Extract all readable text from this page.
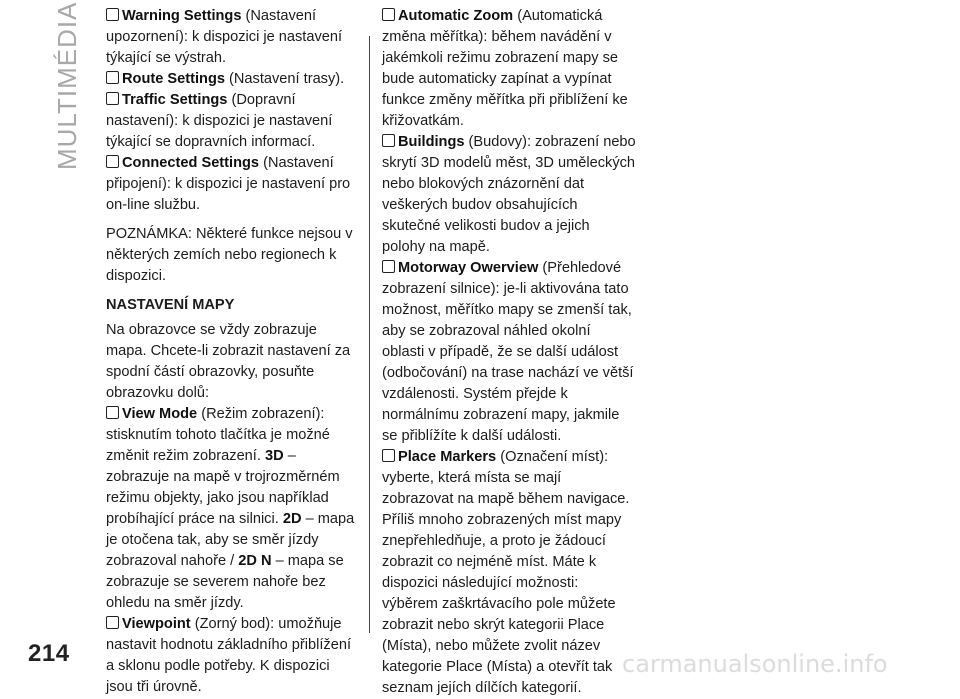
MULTIMÉDIA	Warning Settings (Nastavení upozornení): k dispozici je nastavení týkající se výstrah.

Route Settings (Nastavení trasy).

Traffic Settings (Dopravní nastavení): k dispozici je nastavení týkající se dopravních informací.

Connected Settings (Nastavení připojení): k dispozici je nastavení pro on-line službu.

POZNÁMKA: Některé funkce nejsou v některých zemích nebo regionech k dispozici.

NASTAVENÍ MAPY

Na obrazovce se vždy zobrazuje mapa. Chcete-li zobrazit nastavení za spodní částí obrazovky, posuňte obrazovku dolů:

View Mode (Režim zobrazení): stisknutím tohoto tlačítka je možné změnit režim zobrazení. 3D – zobrazuje na mapě v trojrozměrném režimu objekty, jako jsou například probíhající práce na silnici. 2D – mapa je otočena tak, aby se směr jízdy zobrazoval nahoře / 2D N – mapa se zobrazuje se severem nahoře bez ohledu na směr jízdy.

Viewpoint (Zorný bod): umožňuje nastavit hodnotu základního přiblížení a sklonu podle potřeby. K dispozici jsou tři úrovně.

Automatic Zoom (Automatická změna měřítka): během navádění v jakémkoli režimu zobrazení mapy se bude automaticky zapínat a vypínat funkce změny měřítka při přiblížení ke křižovatkám.

Buildings (Budovy): zobrazení nebo skrytí 3D modelů měst, 3D uměleckých nebo blokových znázornění dat veškerých budov obsahujících skutečné velikosti budov a jejich polohy na mapě.

Motorway Owerview (Přehledové zobrazení silnice): je-li aktivována tato možnost, měřítko mapy se zmenší tak, aby se zobrazoval náhled okolní oblasti v případě, že se další událost (odbočování) na trase nachází ve větší vzdálenosti. Systém přejde k normálnímu zobrazení mapy, jakmile se přiblížíte k další události.

Place Markers (Označení míst): vyberte, která místa se mají zobrazovat na mapě během navigace. Příliš mnoho zobrazených míst mapy znepřehledňuje, a proto je žádoucí zobrazit co nejméně míst. Máte k dispozici následující možnosti: výběrem zaškrtávacího pole můžete zobrazit nebo skrýt kategorii Place (Místa), nebo můžete zvolit název kategorie Place (Místa) a otevřít tak seznam jejích dílčích kategorií.

214	carmanualsonline.info
